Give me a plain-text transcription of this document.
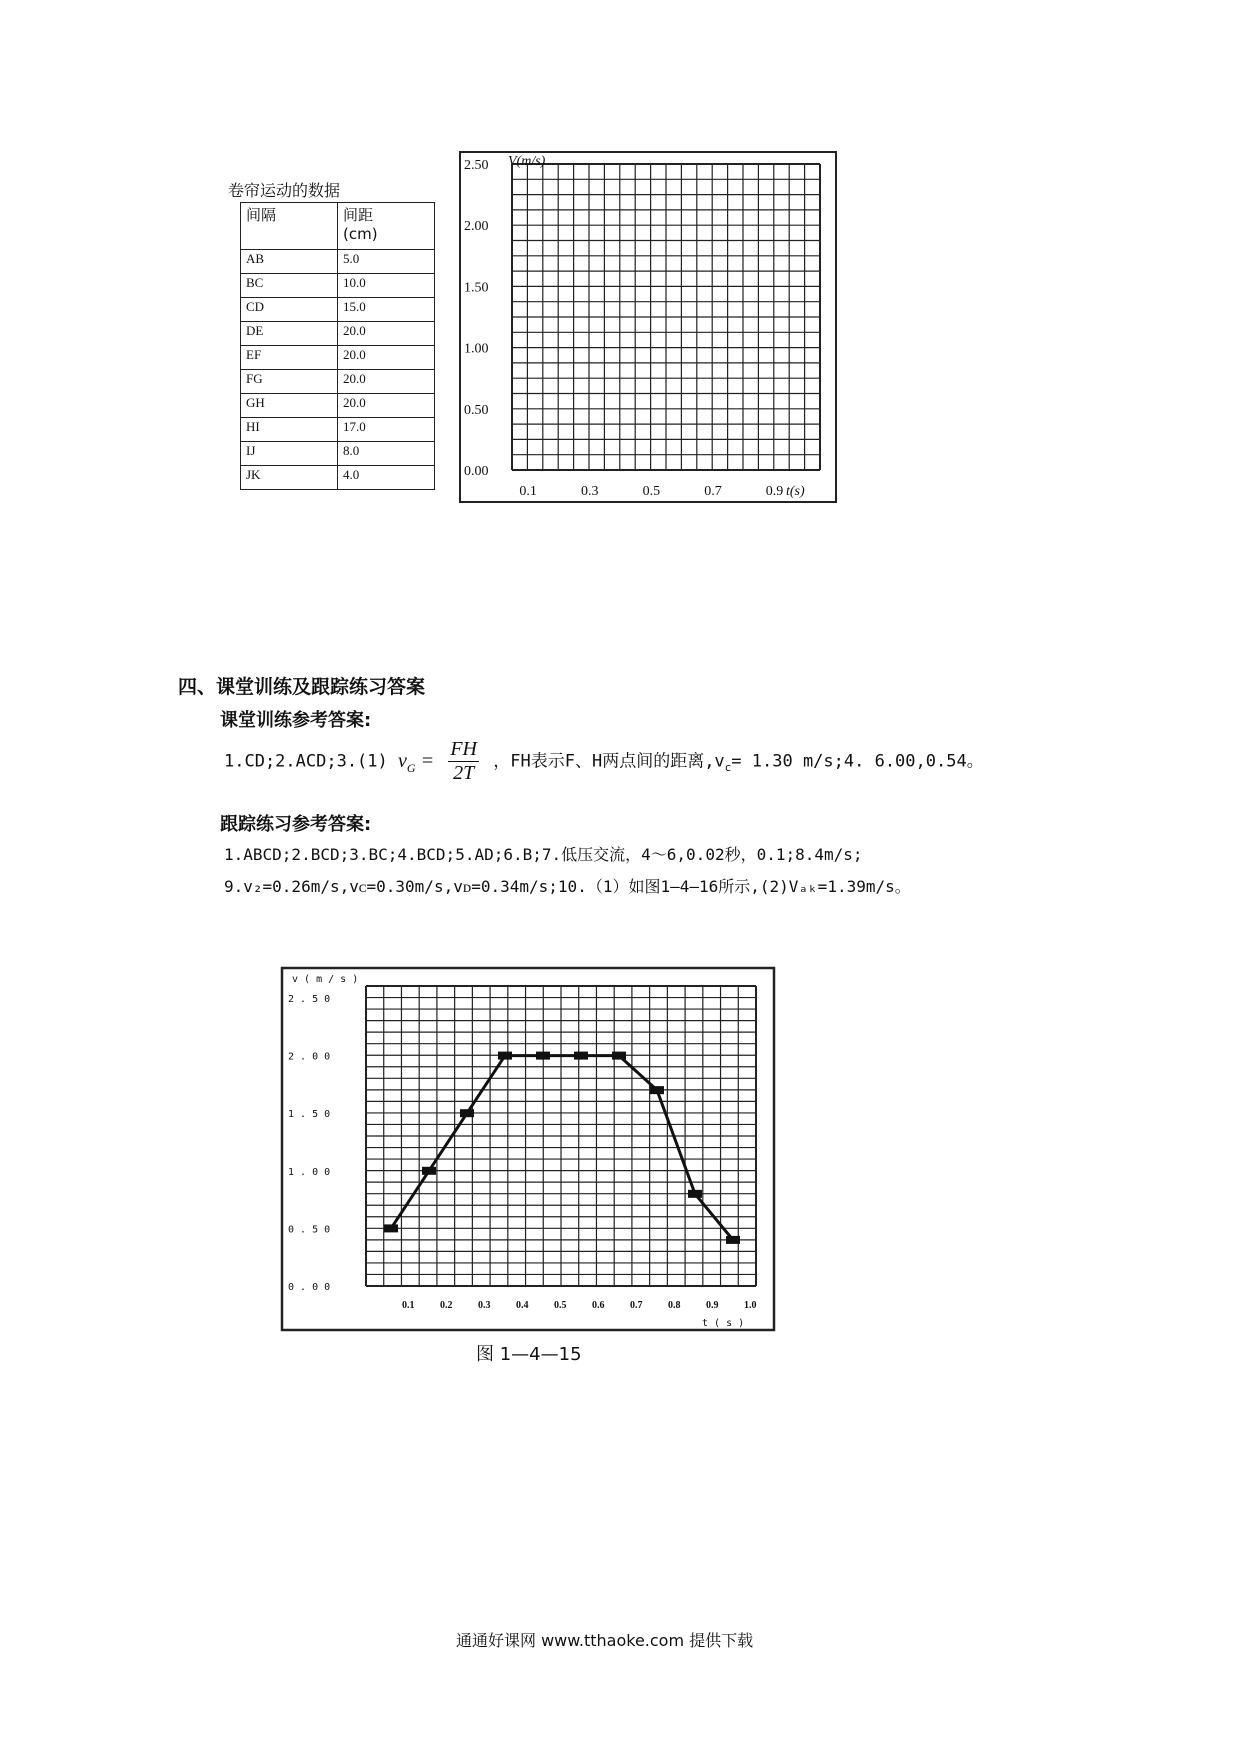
卷帘运动的数据
间隔	间距
(cm)
AB	5.0
BC	10.0
CD	15.0
DE	20.0
EF	20.0
FG	20.0
GH	20.0
HI	17.0
IJ	8.0
JK	4.0	0.00
0.50
1.00
1.50
2.00
2.50
0.1	0.3	0.5	0.7	0.9
V(m/s)
t(s)
四、课堂训练及跟踪练习答案
课堂训练参考答案:
1.CD;2.ACD;3.(1) $v_G = \frac{FH}{2T}$ ，FH表示F、H两点间的距离$,v_c= 1.30$ m/s;4. 6.00,0.54。
跟踪练习参考答案:
1.ABCD;2.BCD;3.BC;4.BCD;5.AD;6.B;7.低压交流，4～6,0.02秒，0.1;8.4m/s;
9.v₂=0.26m/s,vᴄ=0.30m/s,vᴅ=0.34m/s;10.（1）如图1—4—16所示,(2)Vₐₖ=1.39m/s。
2 . 5 0
2 . 0 0
1 . 5 0
1 . 0 0
0 . 5 0
0 . 0 0
0.1	0.2	0.3	0.4	0.5	0.6	0.7	0.8	0.9	1.0
v ( m / s )
t ( s )
图 1—4—15
通通好课网 www.tthaoke.com 提供下载
